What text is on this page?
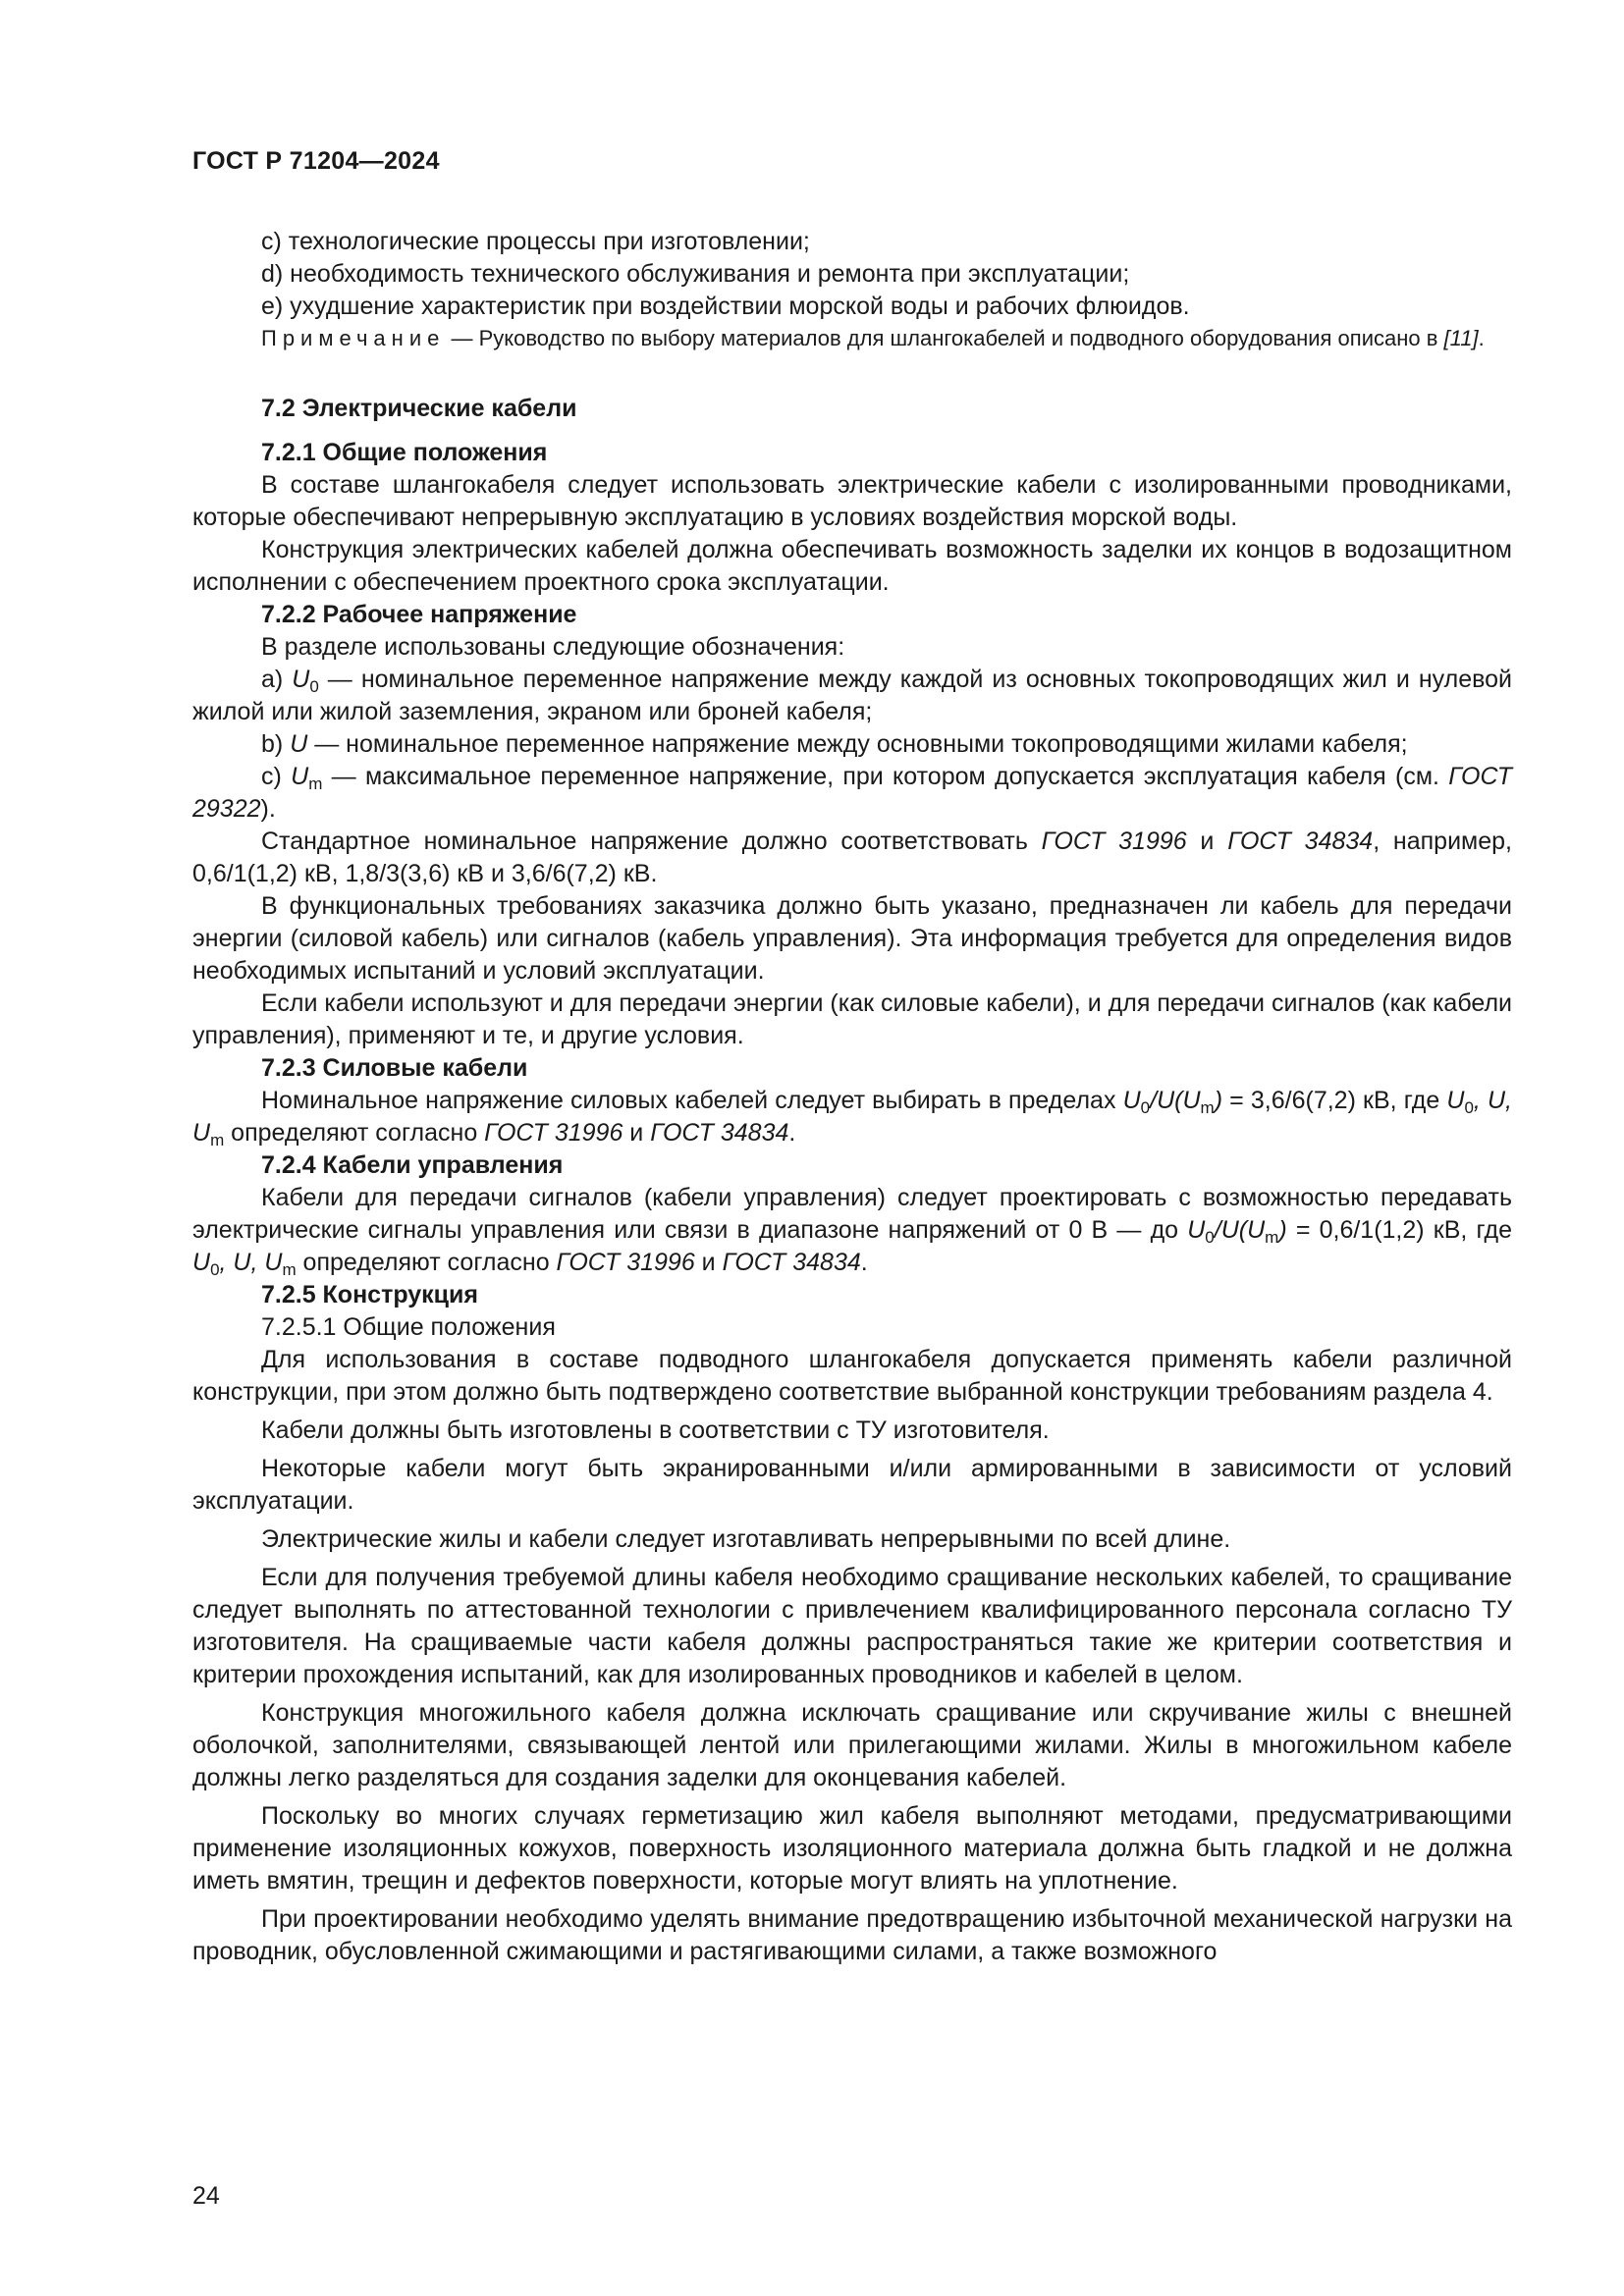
ГОСТ Р 71204—2024

с) технологические процессы при изготовлении;

d) необходимость технического обслуживания и ремонта при эксплуатации;

е) ухудшение характеристик при воздействии морской воды и рабочих флюидов.

Примечание — Руководство по выбору материалов для шлангокабелей и подводного оборудования описано в [11].

7.2 Электрические кабели

7.2.1 Общие положения

В составе шлангокабеля следует использовать электрические кабели с изолированными проводниками, которые обеспечивают непрерывную эксплуатацию в условиях воздействия морской воды.

Конструкция электрических кабелей должна обеспечивать возможность заделки их концов в водозащитном исполнении с обеспечением проектного срока эксплуатации.

7.2.2 Рабочее напряжение

В разделе использованы следующие обозначения:

a) $U_0$ — номинальное переменное напряжение между каждой из основных токопроводящих жил и нулевой жилой или жилой заземления, экраном или броней кабеля;

b) U — номинальное переменное напряжение между основными токопроводящими жилами кабеля;

с) $U_m$ — максимальное переменное напряжение, при котором допускается эксплуатация кабеля (см. ГОСТ 29322).

Стандартное номинальное напряжение должно соответствовать ГОСТ 31996 и ГОСТ 34834, например, 0,6/1(1,2) кВ, 1,8/3(3,6) кВ и 3,6/6(7,2) кВ.

В функциональных требованиях заказчика должно быть указано, предназначен ли кабель для передачи энергии (силовой кабель) или сигналов (кабель управления). Эта информация требуется для определения видов необходимых испытаний и условий эксплуатации.

Если кабели используют и для передачи энергии (как силовые кабели), и для передачи сигналов (как кабели управления), применяют и те, и другие условия.

7.2.3 Силовые кабели

Номинальное напряжение силовых кабелей следует выбирать в пределах $U_0/U(U_m) = 3,6/6(7,2)$ кВ, где $U_0$, U, $U_m$ определяют согласно ГОСТ 31996 и ГОСТ 34834.

7.2.4 Кабели управления

Кабели для передачи сигналов (кабели управления) следует проектировать с возможностью передавать электрические сигналы управления или связи в диапазоне напряжений от 0 В — до $U_0/U(U_m) = 0,6/1(1,2)$ кВ, где $U_0$, U, $U_m$ определяют согласно ГОСТ 31996 и ГОСТ 34834.

7.2.5 Конструкция

7.2.5.1 Общие положения

Для использования в составе подводного шлангокабеля допускается применять кабели различной конструкции, при этом должно быть подтверждено соответствие выбранной конструкции требованиям раздела 4.

Кабели должны быть изготовлены в соответствии с ТУ изготовителя.

Некоторые кабели могут быть экранированными и/или армированными в зависимости от условий эксплуатации.

Электрические жилы и кабели следует изготавливать непрерывными по всей длине.

Если для получения требуемой длины кабеля необходимо сращивание нескольких кабелей, то сращивание следует выполнять по аттестованной технологии с привлечением квалифицированного персонала согласно ТУ изготовителя. На сращиваемые части кабеля должны распространяться такие же критерии соответствия и критерии прохождения испытаний, как для изолированных проводников и кабелей в целом.

Конструкция многожильного кабеля должна исключать сращивание или скручивание жилы с внешней оболочкой, заполнителями, связывающей лентой или прилегающими жилами. Жилы в многожильном кабеле должны легко разделяться для создания заделки для оконцевания кабелей.

Поскольку во многих случаях герметизацию жил кабеля выполняют методами, предусматривающими применение изоляционных кожухов, поверхность изоляционного материала должна быть гладкой и не должна иметь вмятин, трещин и дефектов поверхности, которые могут влиять на уплотнение.

При проектировании необходимо уделять внимание предотвращению избыточной механической нагрузки на проводник, обусловленной сжимающими и растягивающими силами, а также возможного

24
